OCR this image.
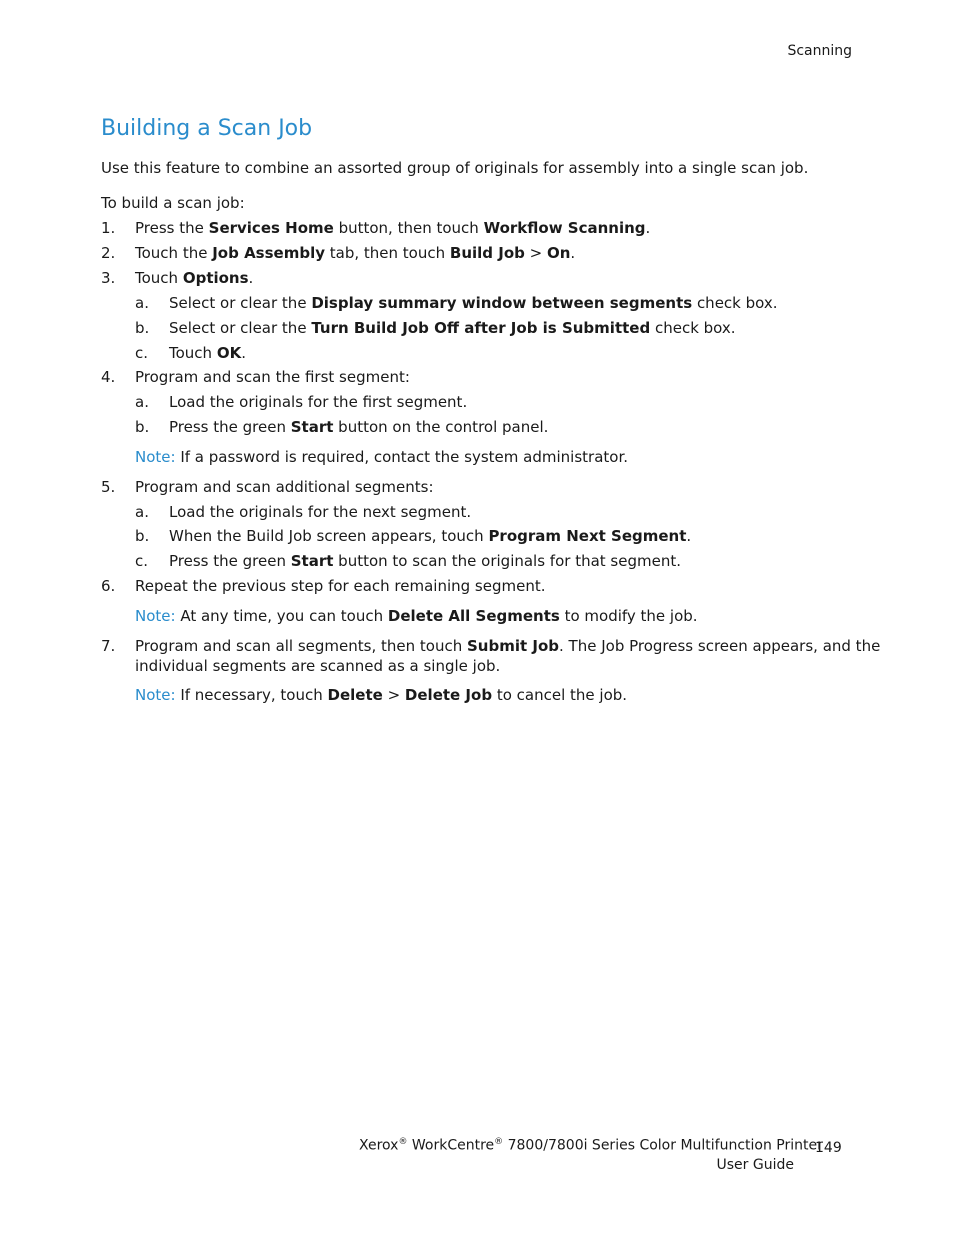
Scanning
Building a Scan Job
Use this feature to combine an assorted group of originals for assembly into a single scan job.
To build a scan job:
1. Press the Services Home button, then touch Workflow Scanning.
2. Touch the Job Assembly tab, then touch Build Job > On.
3. Touch Options.
a. Select or clear the Display summary window between segments check box.
b. Select or clear the Turn Build Job Off after Job is Submitted check box.
c. Touch OK.
4. Program and scan the first segment:
a. Load the originals for the first segment.
b. Press the green Start button on the control panel.
Note: If a password is required, contact the system administrator.
5. Program and scan additional segments:
a. Load the originals for the next segment.
b. When the Build Job screen appears, touch Program Next Segment.
c. Press the green Start button to scan the originals for that segment.
6. Repeat the previous step for each remaining segment.
Note: At any time, you can touch Delete All Segments to modify the job.
7. Program and scan all segments, then touch Submit Job. The Job Progress screen appears, and the
individual segments are scanned as a single job.
Note: If necessary, touch Delete > Delete Job to cancel the job.
Xerox® WorkCentre® 7800/7800i Series Color Multifunction Printer
User Guide
149
